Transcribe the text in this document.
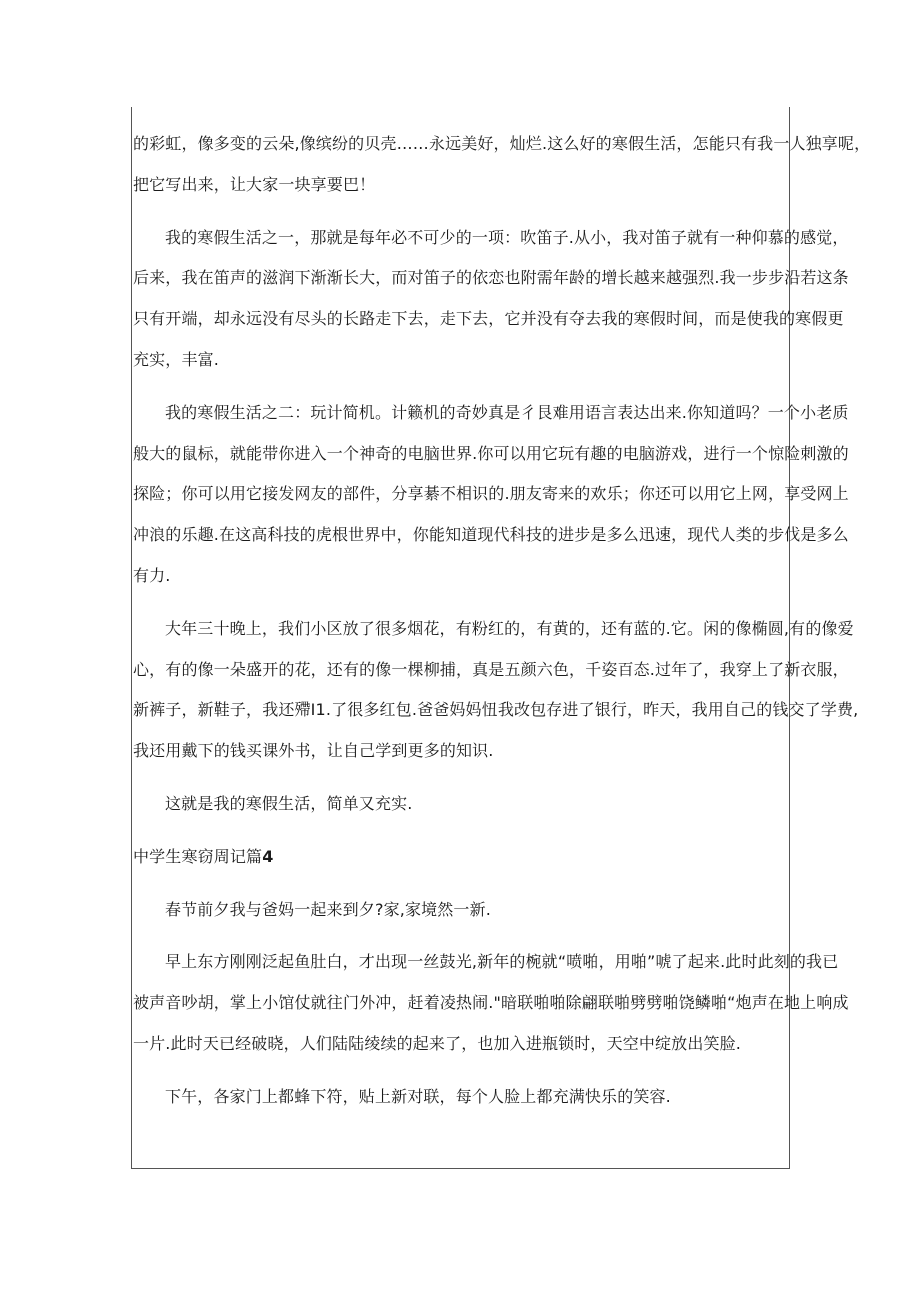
的彩虹，像多变的云朵,像缤纷的贝壳……永远美好，灿烂.这么好的寒假生活，怎能只有我一人独享呢，
把它写出来，让大家一块享要巴！
我的寒假生活之一，那就是每年必不可少的一项：吹笛子.从小，我对笛子就有一种仰慕的感觉，
后来，我在笛声的滋润下渐渐长大，而对笛子的依恋也附需年龄的增长越来越强烈.我一步步沿若这条
只有开端，却永远没有尽头的长路走下去，走下去，它并没有夺去我的寒假时间，而是使我的寒假更
充实，丰富.
我的寒假生活之二：玩计简机。计籁机的奇妙真是彳艮难用语言表达出来.你知道吗？一个小老质
般大的鼠标，就能带你进入一个神奇的电脑世界.你可以用它玩有趣的电脑游戏，进行一个惊险刺激的
探险；你可以用它接发网友的部件，分享綦不相识的.朋友寄来的欢乐；你还可以用它上网，享受网上
冲浪的乐趣.在这高科技的虎根世界中，你能知道现代科技的进步是多么迅速，现代人类的步伐是多么
有力.
大年三十晚上，我们小区放了很多烟花，有粉红的，有黄的，还有蓝的.它。闲的像椭圆,有的像爱
心，有的像一朵盛开的花，还有的像一棵柳捕，真是五颜六色，千姿百态.过年了，我穿上了新衣服，
新裤子，新鞋子，我还殢I1.了很多红包.爸爸妈妈忸我改包存进了银行，昨天，我用自己的钱交了学费,
我还用戴下的钱买课外书，让自己学到更多的知识.
这就是我的寒假生活，简单又充实.
中学生寒窃周记篇4
春节前夕我与爸妈一起来到夕?家,家境然一新.
早上东方刚刚泛起鱼肚白，才出现一丝鼓光,新年的椀就“喷啪，用啪”唬了起来.此时此刻的我已
被声音吵胡，掌上小馆仗就往门外冲，赶着凌热闹."暗联啪啪除翩联啪劈劈啪饶鳞啪“炮声在地上响成
一片.此时天已经破晓，人们陆陆绫续的起来了，也加入进瓶锁时，天空中绽放出笑脸.
下午，各家门上都蜂下符，贴上新对联，每个人脸上都充满快乐的笑容.
